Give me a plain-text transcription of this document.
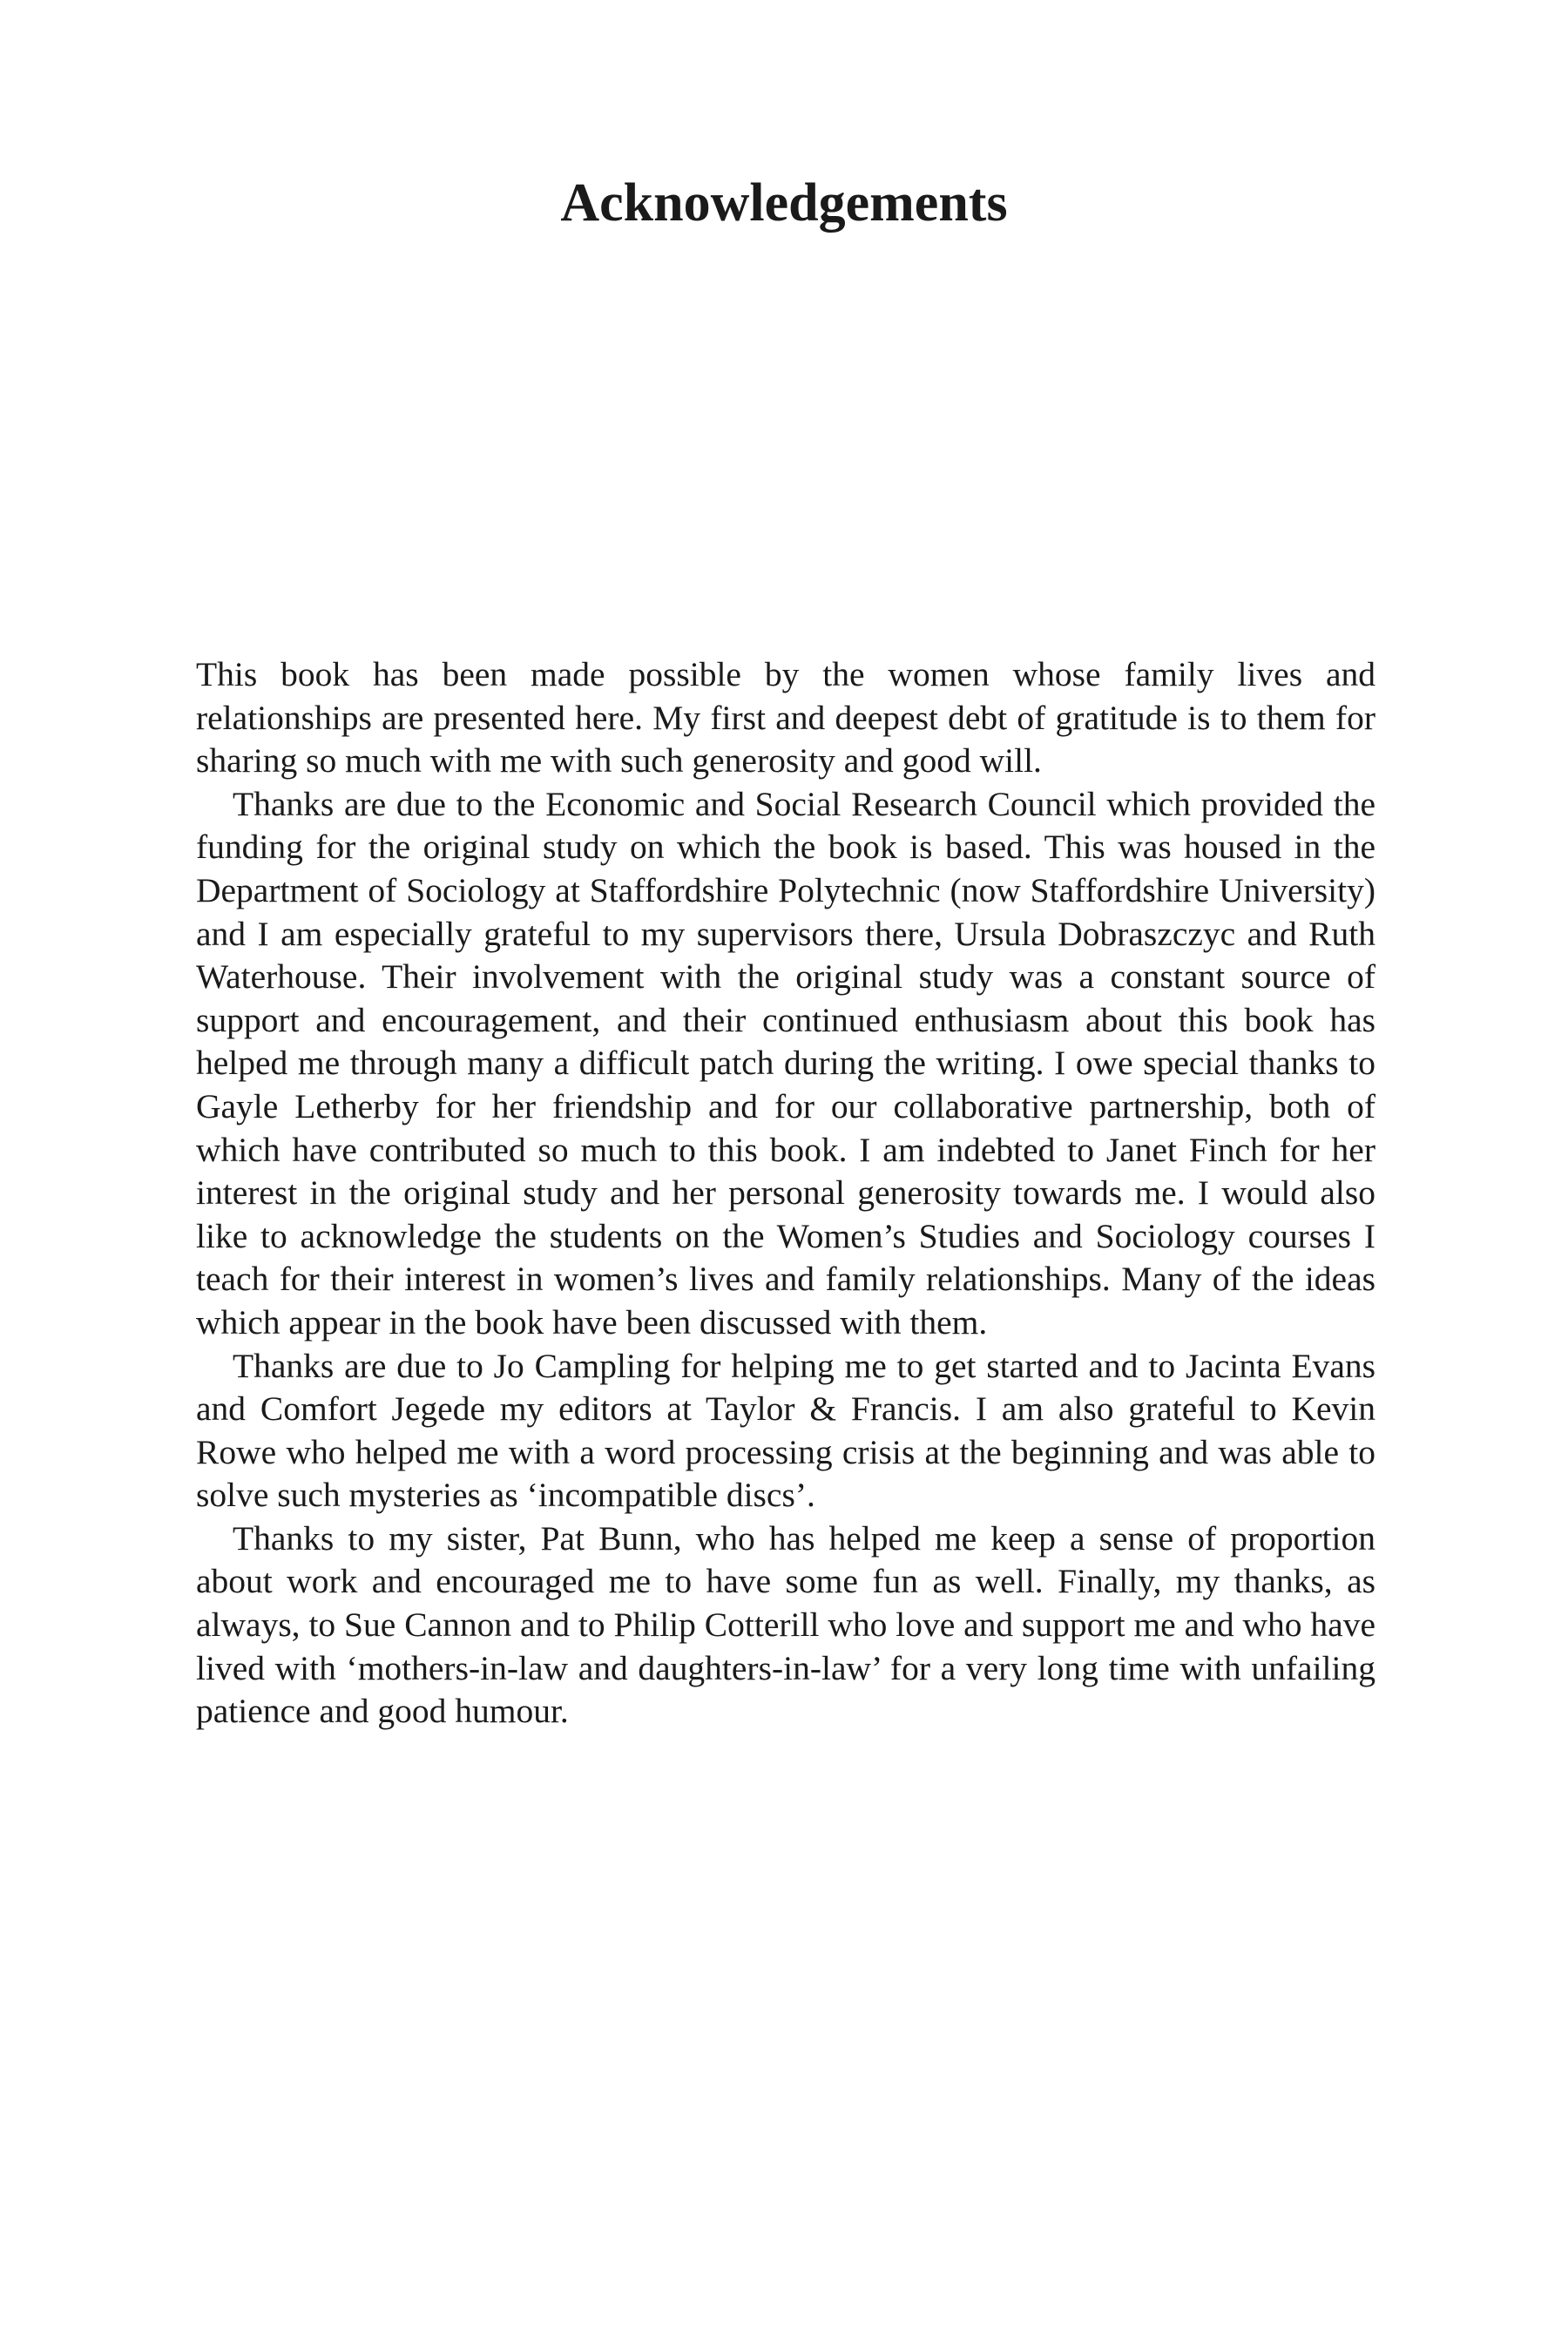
Acknowledgements

This book has been made possible by the women whose family lives and relationships are presented here. My first and deepest debt of gratitude is to them for sharing so much with me with such generosity and good will.

Thanks are due to the Economic and Social Research Council which provided the funding for the original study on which the book is based. This was housed in the Department of Sociology at Staffordshire Polytechnic (now Staffordshire University) and I am especially grateful to my supervisors there, Ursula Dobraszczyc and Ruth Waterhouse. Their involvement with the original study was a constant source of support and encouragement, and their continued enthusiasm about this book has helped me through many a difficult patch during the writing. I owe special thanks to Gayle Letherby for her friendship and for our collaborative partnership, both of which have contributed so much to this book. I am indebted to Janet Finch for her interest in the original study and her personal generosity towards me. I would also like to acknowledge the students on the Women’s Studies and Sociology courses I teach for their interest in women’s lives and family relationships. Many of the ideas which appear in the book have been discussed with them.

Thanks are due to Jo Campling for helping me to get started and to Jacinta Evans and Comfort Jegede my editors at Taylor & Francis. I am also grateful to Kevin Rowe who helped me with a word processing crisis at the beginning and was able to solve such mysteries as ‘incompatible discs’.

Thanks to my sister, Pat Bunn, who has helped me keep a sense of proportion about work and encouraged me to have some fun as well. Finally, my thanks, as always, to Sue Cannon and to Philip Cotterill who love and support me and who have lived with ‘mothers-in-law and daughters-in-law’ for a very long time with unfailing patience and good humour.
